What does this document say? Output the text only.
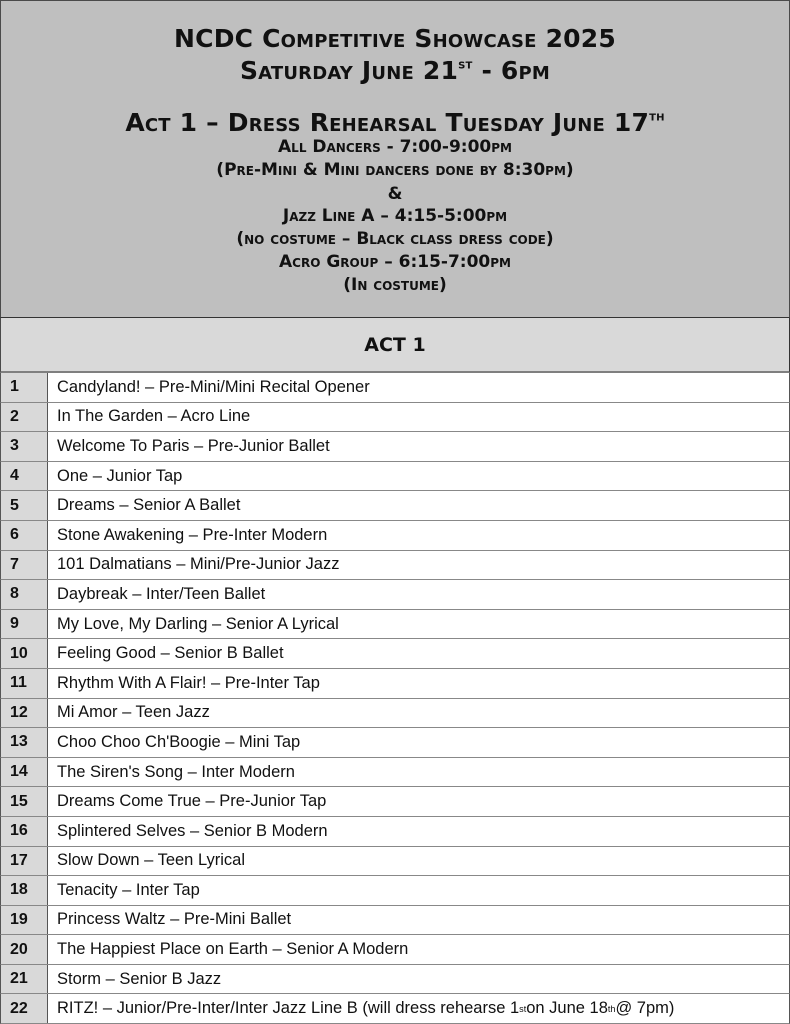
NCDC Competitive Showcase 2025
Saturday June 21st - 6pm
Act 1 – Dress Rehearsal Tuesday June 17th
All Dancers - 7:00-9:00pm
(Pre-Mini & Mini dancers done by 8:30pm)
&
Jazz Line A – 4:15-5:00pm
(no costume – Black class dress code)
Acro Group – 6:15-7:00pm
(In costume)
ACT 1
1	Candyland! – Pre-Mini/Mini Recital Opener
2	In The Garden – Acro Line
3	Welcome To Paris – Pre-Junior Ballet
4	One – Junior Tap
5	Dreams – Senior A Ballet
6	Stone Awakening – Pre-Inter Modern
7	101 Dalmatians – Mini/Pre-Junior Jazz
8	Daybreak – Inter/Teen Ballet
9	My Love, My Darling – Senior A Lyrical
10	Feeling Good – Senior B Ballet
11	Rhythm With A Flair! – Pre-Inter Tap
12	Mi Amor – Teen Jazz
13	Choo Choo Ch'Boogie – Mini Tap
14	The Siren's Song – Inter Modern
15	Dreams Come True – Pre-Junior Tap
16	Splintered Selves – Senior B Modern
17	Slow Down – Teen Lyrical
18	Tenacity – Inter Tap
19	Princess Waltz – Pre-Mini Ballet
20	The Happiest Place on Earth – Senior A Modern
21	Storm – Senior B Jazz
22	RITZ! – Junior/Pre-Inter/Inter Jazz Line B (will dress rehearse 1 st on June 18 th @ 7pm)
